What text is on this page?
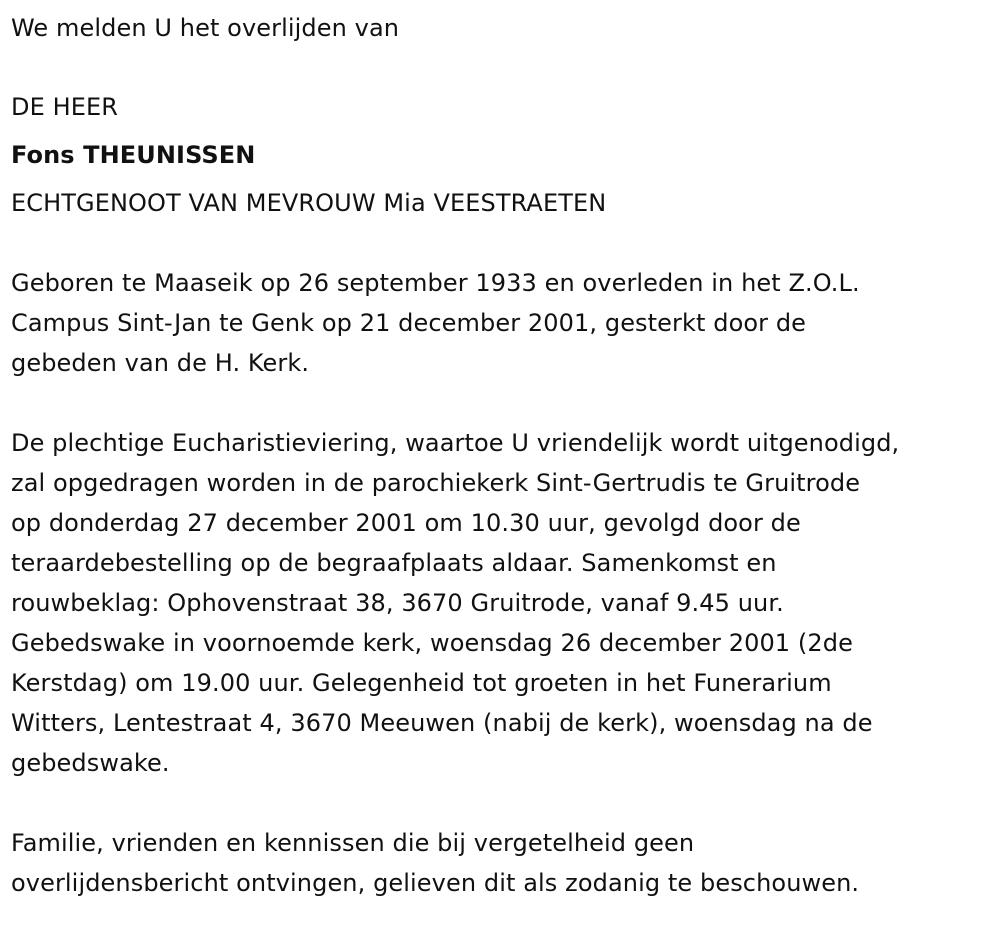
We melden U het overlijden van
DE HEER
Fons THEUNISSEN
ECHTGENOOT VAN MEVROUW Mia VEESTRAETEN
Geboren te Maaseik op 26 september 1933 en overleden in het Z.O.L.
Campus Sint-Jan te Genk op 21 december 2001, gesterkt door de
gebeden van de H. Kerk.
De plechtige Eucharistieviering, waartoe U vriendelijk wordt uitgenodigd,
zal opgedragen worden in de parochiekerk Sint-Gertrudis te Gruitrode
op donderdag 27 december 2001 om 10.30 uur, gevolgd door de
teraardebestelling op de begraafplaats aldaar. Samenkomst en
rouwbeklag: Ophovenstraat 38, 3670 Gruitrode, vanaf 9.45 uur.
Gebedswake in voornoemde kerk, woensdag 26 december 2001 (2de
Kerstdag) om 19.00 uur. Gelegenheid tot groeten in het Funerarium
Witters, Lentestraat 4, 3670 Meeuwen (nabij de kerk), woensdag na de
gebedswake.
Familie, vrienden en kennissen die bij vergetelheid geen
overlijdensbericht ontvingen, gelieven dit als zodanig te beschouwen.
